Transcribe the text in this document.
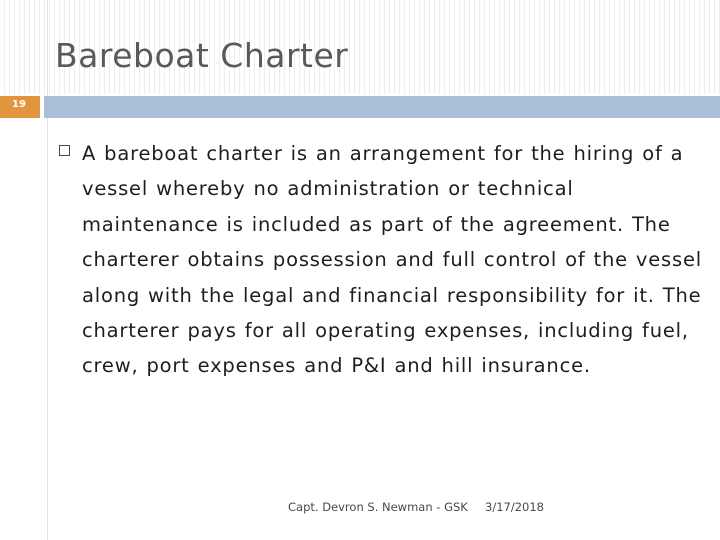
Bareboat Charter
19
A bareboat charter is an arrangement for the hiring of a vessel whereby no administration or technical maintenance is included as part of the agreement. The charterer obtains possession and full control of the vessel along with the legal and financial responsibility for it. The charterer pays for all operating expenses, including fuel, crew, port expenses and P&I and hill insurance.
Capt. Devron S. Newman - GSK 3/17/2018
